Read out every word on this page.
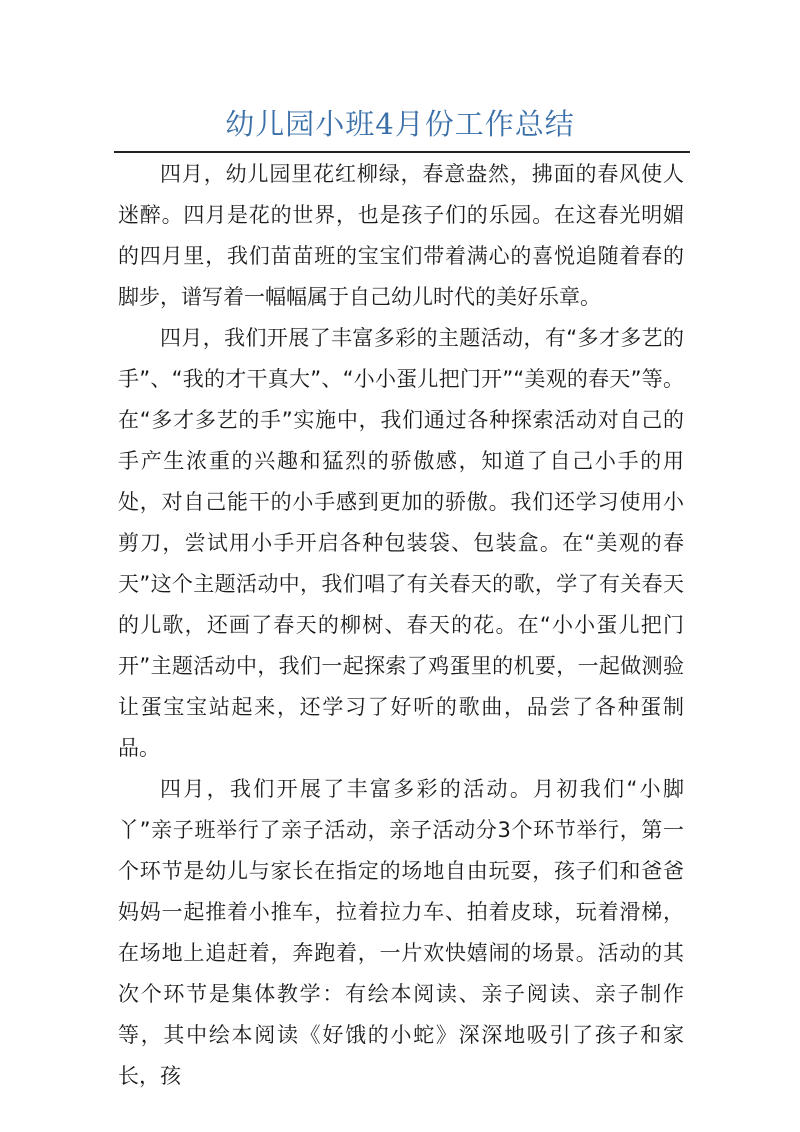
幼儿园小班4月份工作总结

四月，幼儿园里花红柳绿，春意盎然，拂面的春风使人迷醉。四月是花的世界，也是孩子们的乐园。在这春光明媚的四月里，我们苗苗班的宝宝们带着满心的喜悦追随着春的脚步，谱写着一幅幅属于自己幼儿时代的美好乐章。

四月，我们开展了丰富多彩的主题活动，有“多才多艺的手”、“我的才干真大”、“小小蛋儿把门开”“美观的春天”等。在“多才多艺的手”实施中，我们通过各种探索活动对自己的手产生浓重的兴趣和猛烈的骄傲感，知道了自己小手的用处，对自己能干的小手感到更加的骄傲。我们还学习使用小剪刀，尝试用小手开启各种包装袋、包装盒。在“美观的春天”这个主题活动中，我们唱了有关春天的歌，学了有关春天的儿歌，还画了春天的柳树、春天的花。在“小小蛋儿把门开”主题活动中，我们一起探索了鸡蛋里的机要，一起做测验让蛋宝宝站起来，还学习了好听的歌曲，品尝了各种蛋制品。

四月，我们开展了丰富多彩的活动。月初我们“小脚丫”亲子班举行了亲子活动，亲子活动分3个环节举行，第一个环节是幼儿与家长在指定的场地自由玩耍，孩子们和爸爸妈妈一起推着小推车，拉着拉力车、拍着皮球，玩着滑梯，在场地上追赶着，奔跑着，一片欢快嬉闹的场景。活动的其次个环节是集体教学：有绘本阅读、亲子阅读、亲子制作等，其中绘本阅读《好饿的小蛇》深深地吸引了孩子和家长，孩
